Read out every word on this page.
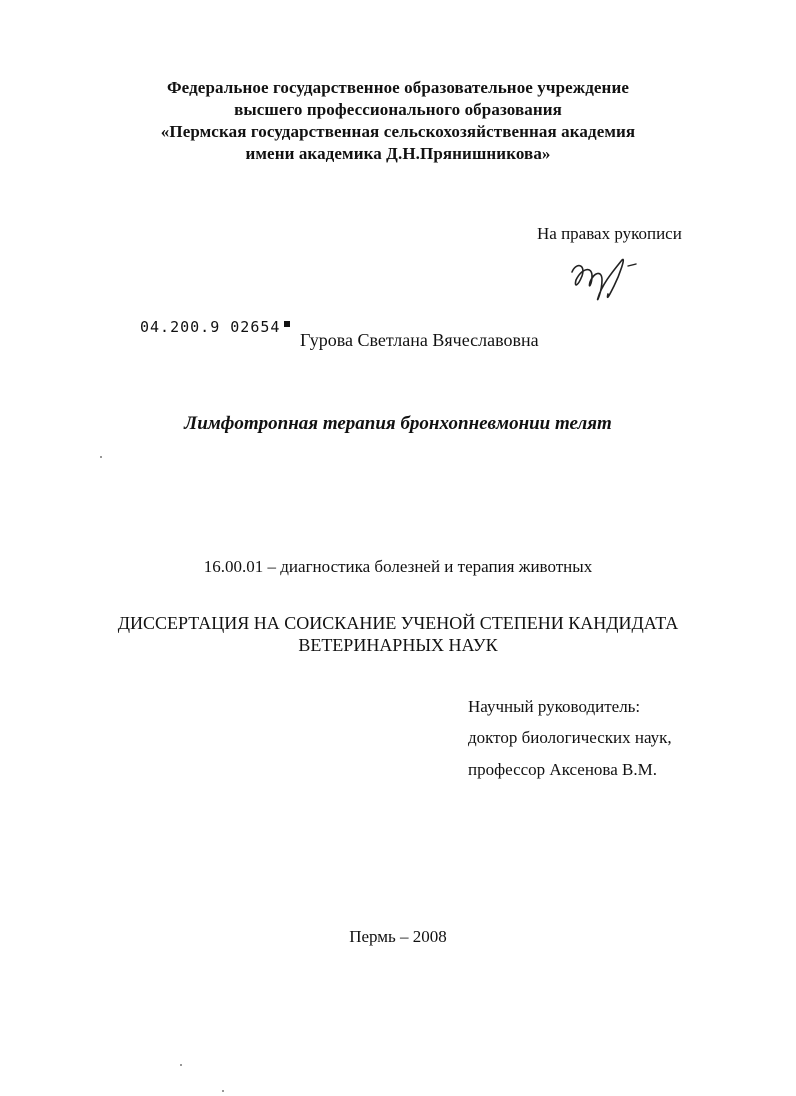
Федеральное государственное образовательное учреждение
высшего профессионального образования
«Пермская государственная сельскохозяйственная академия
имени академика Д.Н.Прянишникова»
На правах рукописи
04.200.9 02654
Гурова Светлана Вячеславовна
Лимфотропная терапия бронхопневмонии телят
16.00.01 – диагностика болезней и терапия животных
ДИССЕРТАЦИЯ НА СОИСКАНИЕ УЧЕНОЙ СТЕПЕНИ КАНДИДАТА
ВЕТЕРИНАРНЫХ НАУК
Научный руководитель:
доктор биологических наук,
профессор Аксенова В.М.
Пермь – 2008
